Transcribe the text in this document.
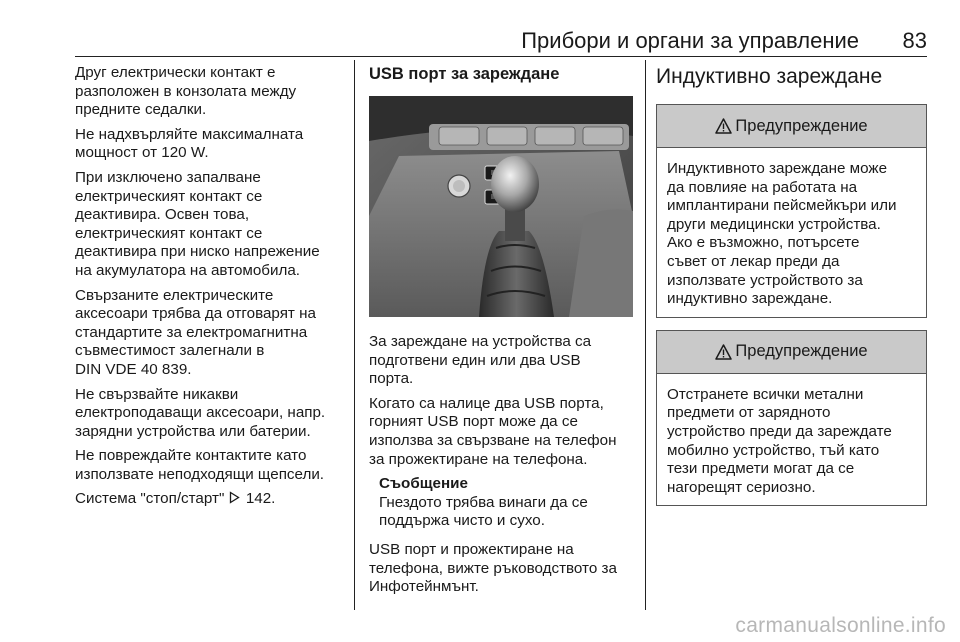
Прибори и органи за управление 83

Друг електрически контакт е
разположен в конзолата между
предните седалки.

Не надхвърляйте максималната
мощност от 120 W.

При изключено запалване
електрическият контакт се
деактивира. Освен това,
електрическият контакт се
деактивира при ниско напрежение
на акумулатора на автомобила.

Свързаните електрическите
аксесоари трябва да отговарят на
стандартите за електромагнитна
съвместимост залегнали в
DIN VDE 40 839.

Не свързвайте никакви
електроподаващи аксесоари, напр.
зарядни устройства или батерии.

Не повреждайте контактите като
използвате неподходящи щепсели.

Система "стоп/старт" 142.

USB порт за зареждане

За зареждане на устройства са
подготвени един или два USB
порта.

Когато са налице два USB порта,
горният USB порт може да се
използва за свързване на телефон
за прожектиране на телефона.

Съобщение

Гнездото трябва винаги да се
поддържа чисто и сухо.

USB порт и прожектиране на
телефона, вижте ръководството за
Инфотейнмънт.

Индуктивно зареждане
Предупреждение

Индуктивното зареждане може
да повлияе на работата на
имплантирани пейсмейкъри или
други медицински устройства.
Ако е възможно, потърсете
съвет от лекар преди да
използвате устройството за
индуктивно зареждане.

Предупреждение

Отстранете всички метални
предмети от зарядното
устройство преди да зареждате
мобилно устройство, тъй като
тези предмети могат да се
нагорещят сериозно.

carmanualsonline.info
